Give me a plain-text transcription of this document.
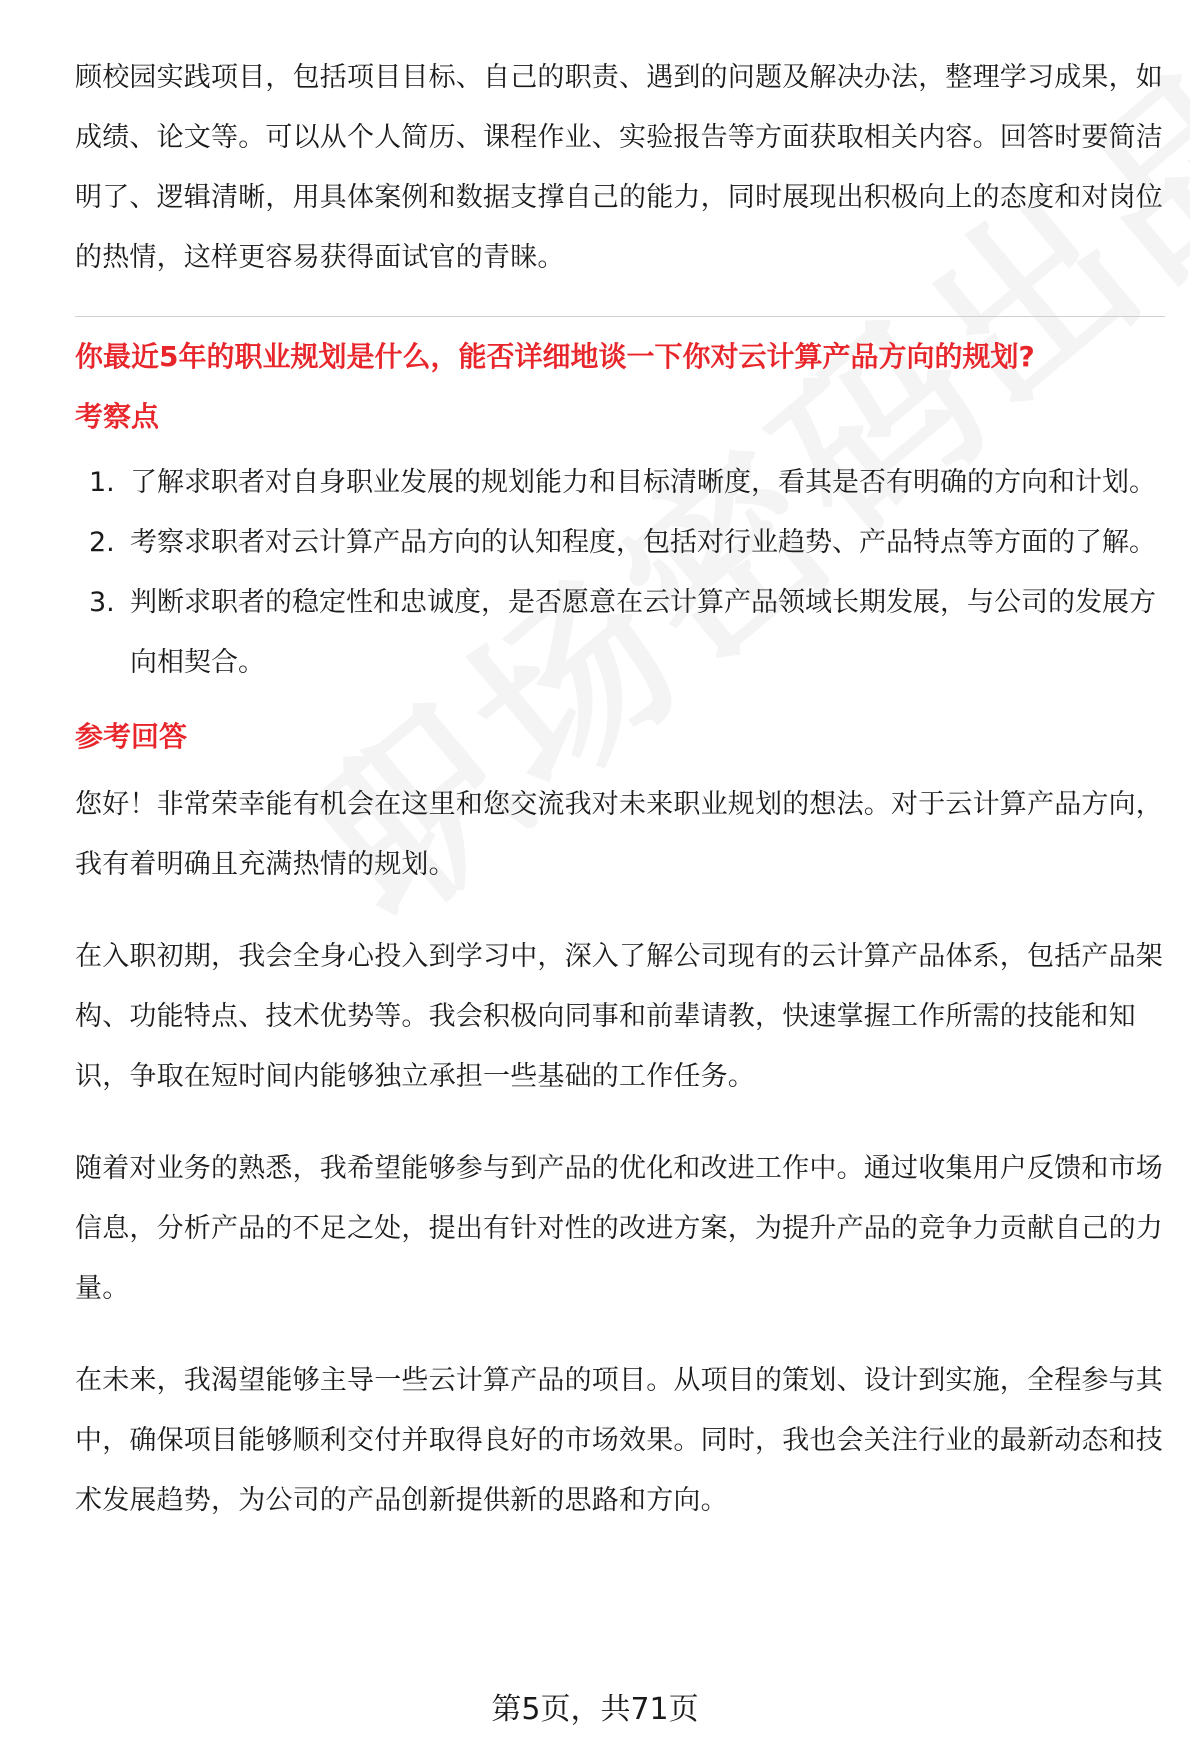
顾校园实践项目，包括项目目标、自己的职责、遇到的问题及解决办法，整理学习成果，如成绩、论文等。可以从个人简历、课程作业、实验报告等方面获取相关内容。回答时要简洁明了、逻辑清晰，用具体案例和数据支撑自己的能力，同时展现出积极向上的态度和对岗位的热情，这样更容易获得面试官的青睐。

你最近5年的职业规划是什么，能否详细地谈一下你对云计算产品方向的规划?

考察点

1. 了解求职者对自身职业发展的规划能力和目标清晰度，看其是否有明确的方向和计划。
2. 考察求职者对云计算产品方向的认知程度，包括对行业趋势、产品特点等方面的了解。
3. 判断求职者的稳定性和忠诚度，是否愿意在云计算产品领域长期发展，与公司的发展方向相契合。

参考回答

您好！非常荣幸能有机会在这里和您交流我对未来职业规划的想法。对于云计算产品方向，我有着明确且充满热情的规划。

在入职初期，我会全身心投入到学习中，深入了解公司现有的云计算产品体系，包括产品架构、功能特点、技术优势等。我会积极向同事和前辈请教，快速掌握工作所需的技能和知识，争取在短时间内能够独立承担一些基础的工作任务。

随着对业务的熟悉，我希望能够参与到产品的优化和改进工作中。通过收集用户反馈和市场信息，分析产品的不足之处，提出有针对性的改进方案，为提升产品的竞争力贡献自己的力量。

在未来，我渴望能够主导一些云计算产品的项目。从项目的策划、设计到实施，全程参与其中，确保项目能够顺利交付并取得良好的市场效果。同时，我也会关注行业的最新动态和技术发展趋势，为公司的产品创新提供新的思路和方向。

第5页，共71页
